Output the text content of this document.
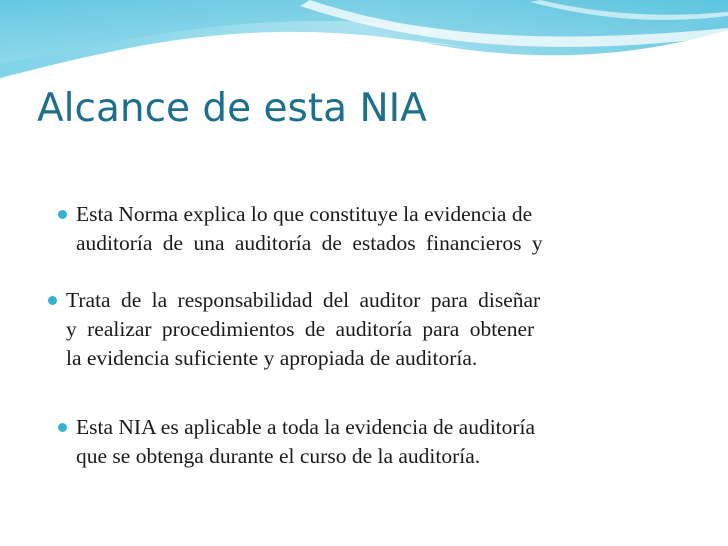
Alcance de esta NIA
Esta Norma explica lo que constituye la evidencia de
auditoría de una auditoría de estados financieros y
Trata de la responsabilidad del auditor para diseñar
y realizar procedimientos de auditoría para obtener
la evidencia suficiente y apropiada de auditoría.
Esta NIA es aplicable a toda la evidencia de auditoría
que se obtenga durante el curso de la auditoría.
